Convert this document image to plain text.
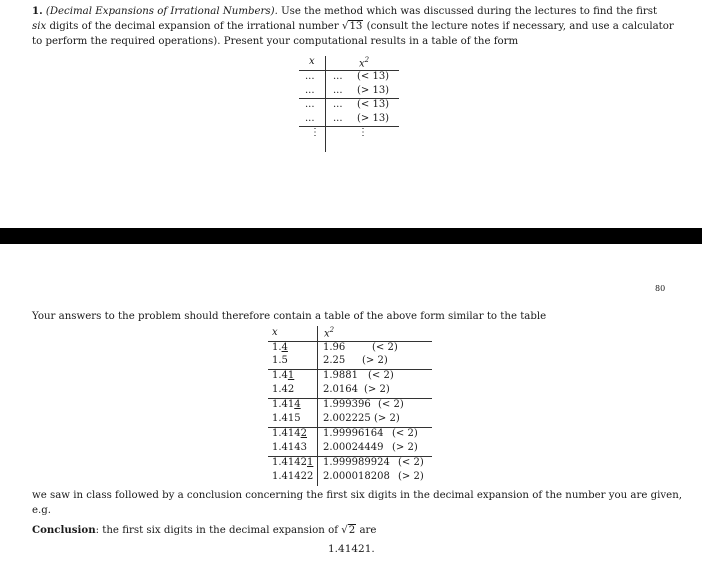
1. (Decimal Expansions of Irrational Numbers). Use the method which was discussed during the lectures to find the first
six digits of the decimal expansion of the irrational number √13 (consult the lecture notes if necessary, and use a calculator
to perform the required operations). Present your computational results in a table of the form
x	$x^2$
... ... (< 13)
... ... (> 13)
... ... (< 13)
... ... (> 13)
⋮	⋮
80
Your answers to the problem should therefore contain a table of the above form similar to the table
x	$x^2$
1.4	1.96	(< 2)
1.5	2.25 (> 2)
1.41	1.9881 (< 2)
1.42	2.0164 (> 2)
1.414 1.999396 (< 2)
1.415 2.002225 (> 2)
1.4142 1.99996164 (< 2)
1.4143 2.00024449 (> 2)
1.41421 1.999989924 (< 2)
1.41422 2.000018208 (> 2)
we saw in class followed by a conclusion concerning the first six digits in the decimal expansion of the number you are given,
e.g.
Conclusion: the first six digits in the decimal expansion of √2 are
1.41421.
